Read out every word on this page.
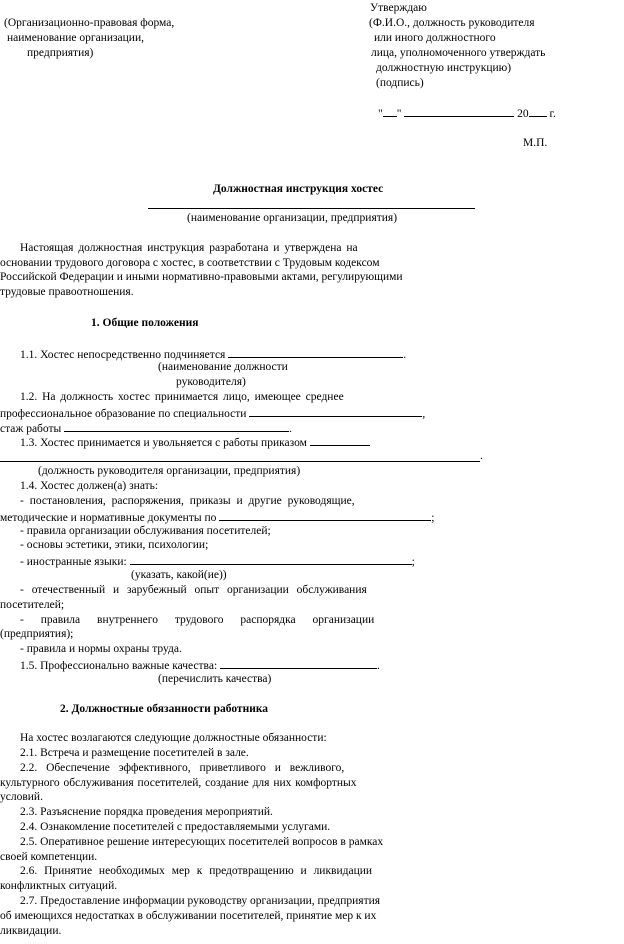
(Организационно-правовая форма,
наименование организации,
предприятия)
Утверждаю
(Ф.И.О., должность руководителя
или иного должностного
лица, уполномоченного утверждать
должностную инструкцию)
(подпись)
" "	20 г.
М.П.
Должностная инструкция хостес
(наименование организации, предприятия)
Настоящая должностная инструкция разработана и утверждена на
основании трудового договора с хостес, в соответствии с Трудовым кодексом
Российской Федерации и иными нормативно-правовыми актами, регулирующими
трудовые правоотношения.
1. Общие положения
1.1. Хостес непосредственно подчиняется	.
(наименование должности
руководителя)
1.2. На должность хостес принимается лицо, имеющее среднее
профессиональное образование по специальности	,
стаж работы	.
1.3. Хостес принимается и увольняется с работы приказом
.
(должность руководителя организации, предприятия)
1.4. Хостес должен(а) знать:
- постановления, распоряжения, приказы и другие руководящие,
методические и нормативные документы по	;
- правила организации обслуживания посетителей;
- основы эстетики, этики, психологии;
- иностранные языки:	;
(указать, какой(ие))
- отечественный и зарубежный опыт организации обслуживания
посетителей;
- правила внутреннего трудового распорядка организации
(предприятия);
- правила и нормы охраны труда.
1.5. Профессионально важные качества:	.
(перечислить качества)
2. Должностные обязанности работника
На хостес возлагаются следующие должностные обязанности:
2.1. Встреча и размещение посетителей в зале.
2.2. Обеспечение эффективного, приветливого и вежливого,
культурного обслуживания посетителей, создание для них комфортных
условий.
2.3. Разъяснение порядка проведения мероприятий.
2.4. Ознакомление посетителей с предоставляемыми услугами.
2.5. Оперативное решение интересующих посетителей вопросов в рамках
своей компетенции.
2.6. Принятие необходимых мер к предотвращению и ликвидации
конфликтных ситуаций.
2.7. Предоставление информации руководству организации, предприятия
об имеющихся недостатках в обслуживании посетителей, принятие мер к их
ликвидации.
